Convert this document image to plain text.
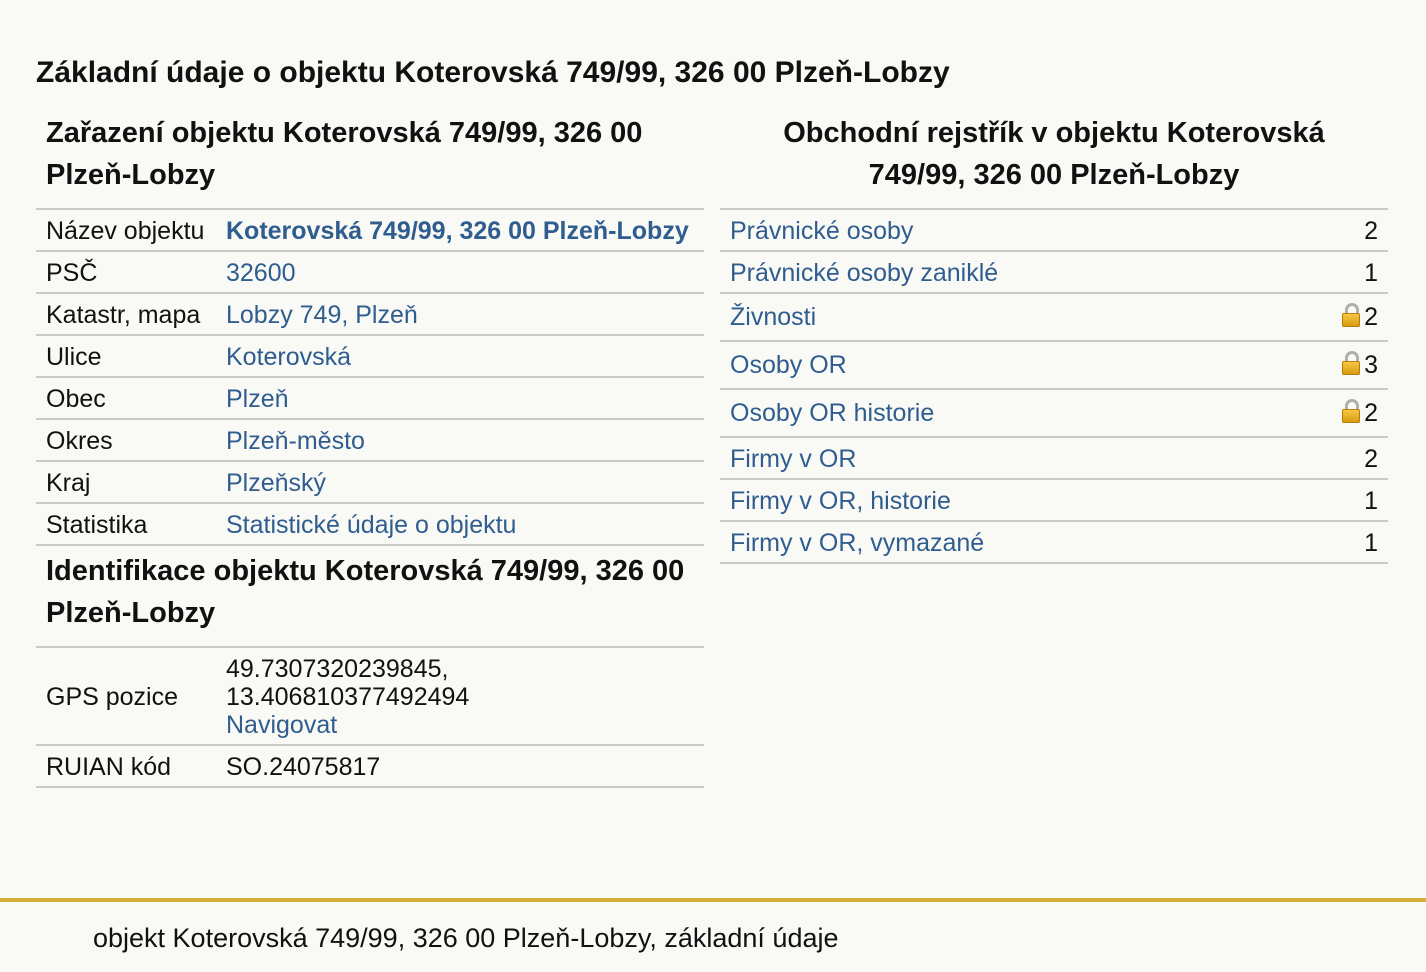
Základní údaje o objektu Koterovská 749/99, 326 00 Plzeň-Lobzy
Zařazení objektu Koterovská 749/99, 326 00 Plzeň-Lobzy
Název objektu	Koterovská 749/99, 326 00 Plzeň-Lobzy
PSČ	32600
Katastr, mapa	Lobzy 749, Plzeň
Ulice	Koterovská
Obec	Plzeň
Okres	Plzeň-město
Kraj	Plzeňský
Statistika	Statistické údaje o objektu
Identifikace objektu Koterovská 749/99, 326 00 Plzeň-Lobzy
GPS pozice	49.7307320239845,
13.406810377492494
Navigovat
RUIAN kód	SO.24075817
Obchodní rejstřík v objektu Koterovská 749/99, 326 00 Plzeň-Lobzy
Právnické osoby	2
Právnické osoby zaniklé	1
Živnosti	2
Osoby OR	3
Osoby OR historie	2
Firmy v OR	2
Firmy v OR, historie	1
Firmy v OR, vymazané	1
objekt Koterovská 749/99, 326 00 Plzeň-Lobzy, základní údaje
